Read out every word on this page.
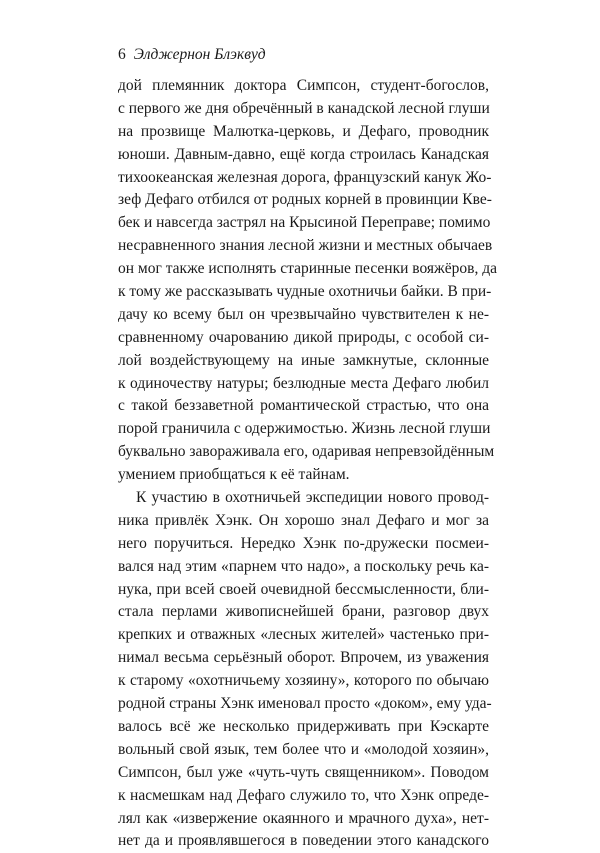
6 Элджернон Блэквуд
дой племянник доктора Симпсон, студент-богослов,
с первого же дня обречённый в канадской лесной глуши
на прозвище Малютка-церковь, и Дефаго, проводник
юноши. Давным-давно, ещё когда строилась Канадская
тихоокеанская железная дорога, французский канук Жо-
зеф Дефаго отбился от родных корней в провинции Кве-
бек и навсегда застрял на Крысиной Переправе; помимо
несравненного знания лесной жизни и местных обычаев
он мог также исполнять старинные песенки вояжёров, да
к тому же рассказывать чудные охотничьи байки. В при-
дачу ко всему был он чрезвычайно чувствителен к не-
сравненному очарованию дикой природы, с особой си-
лой воздействующему на иные замкнутые, склонные
к одиночеству натуры; безлюдные места Дефаго любил
с такой беззаветной романтической страстью, что она
порой граничила с одержимостью. Жизнь лесной глуши
буквально завораживала его, одаривая непревзойдённым
умением приобщаться к её тайнам.
К участию в охотничьей экспедиции нового провод-
ника привлёк Хэнк. Он хорошо знал Дефаго и мог за
него поручиться. Нередко Хэнк по-дружески посмеи-
вался над этим «парнем что надо», а поскольку речь ка-
нука, при всей своей очевидной бессмысленности, бли-
стала перлами живописнейшей брани, разговор двух
крепких и отважных «лесных жителей» частенько при-
нимал весьма серьёзный оборот. Впрочем, из уважения
к старому «охотничьему хозяину», которого по обычаю
родной страны Хэнк именовал просто «доком», ему уда-
валось всё же несколько придерживать при Кэскарте
вольный свой язык, тем более что и «молодой хозяин»,
Симпсон, был уже «чуть-чуть священником». Поводом
к насмешкам над Дефаго служило то, что Хэнк опреде-
лял как «извержение окаянного и мрачного духа», нет-
нет да и проявлявшегося в поведении этого канадского
